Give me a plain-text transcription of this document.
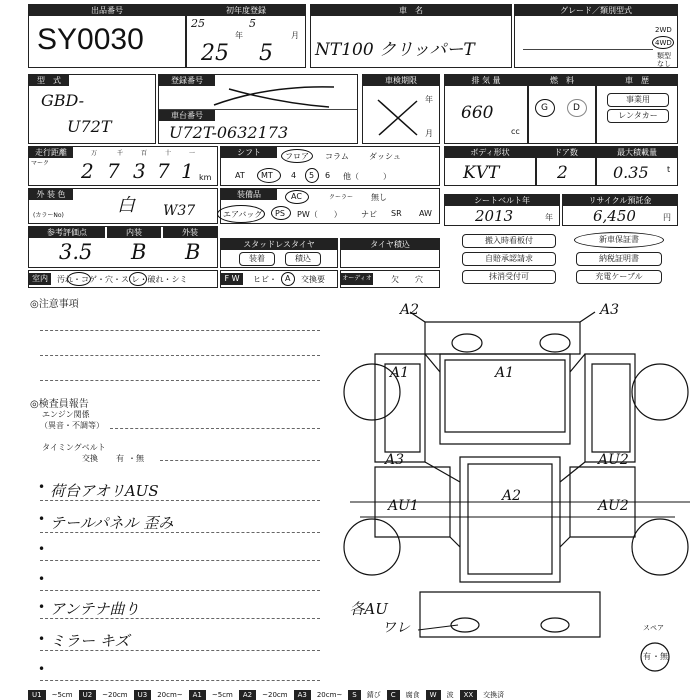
出品番号
SY0030
初年度登録
25
年
5
月
25 5
車　名
NT100 クリッパーT
グレード／類別型式
2WD
4WD
類型
なし
型　式
GBD-
U72T
登録番号
車台番号
U72T-0632173
車検期限
年
月
排 気 量
660
cc
燃　料
G	D
車　歴
事業用
レンタカー
走行距離
マーク
万	千	百	十	一
2 7 3 7 1 km
シフト	フロア コラム	ダッシュ
AT MT 4 5 6 他（　　　）
ボディ形状
KVT
ドア数
2
最大積載量
0.35 t
外 装 色
白
(カラーNo)	W37
装備品	AC	クーラー 無し
エアバッグ PS PW（　　） ナビ SR AW
シートベルト年
2013	年
リサイクル預託金
6,450	円
参考評価点	内装	外装
3.5 B B	スタッドレスタイヤ
装着	積込
タイヤ積込	搬入時看板付
自賠承認請求
抹消受付可
新車保証書
納税証明書
充電ケーブル
室内	汚れ・コゲ・穴・ス レ・破れ・シミ	F W	ヒビ・ A 交換要	オーディオ 欠 穴
◎注意事項
◎検査員報告
エンジン関係
（異音・不調等）
タイミングベルト
交換 有 ・ 無
• 荷台アオリAUS
• テールパネル 歪み
•
•
• アンテナ曲り　　　　　　　　　　　　　　各AU
• ミラー キズ
•
A2	A3
A1	A1
A3	AU2
AU1
A2
AU2
ワレ	スペア
有 ・ 無
U1	~5cm	U2	~20cm	U3	20cm~	A1	~5cm	A2	~20cm	A3	20cm~	S	錆び	C	腐食	W	波	XX	交換済
